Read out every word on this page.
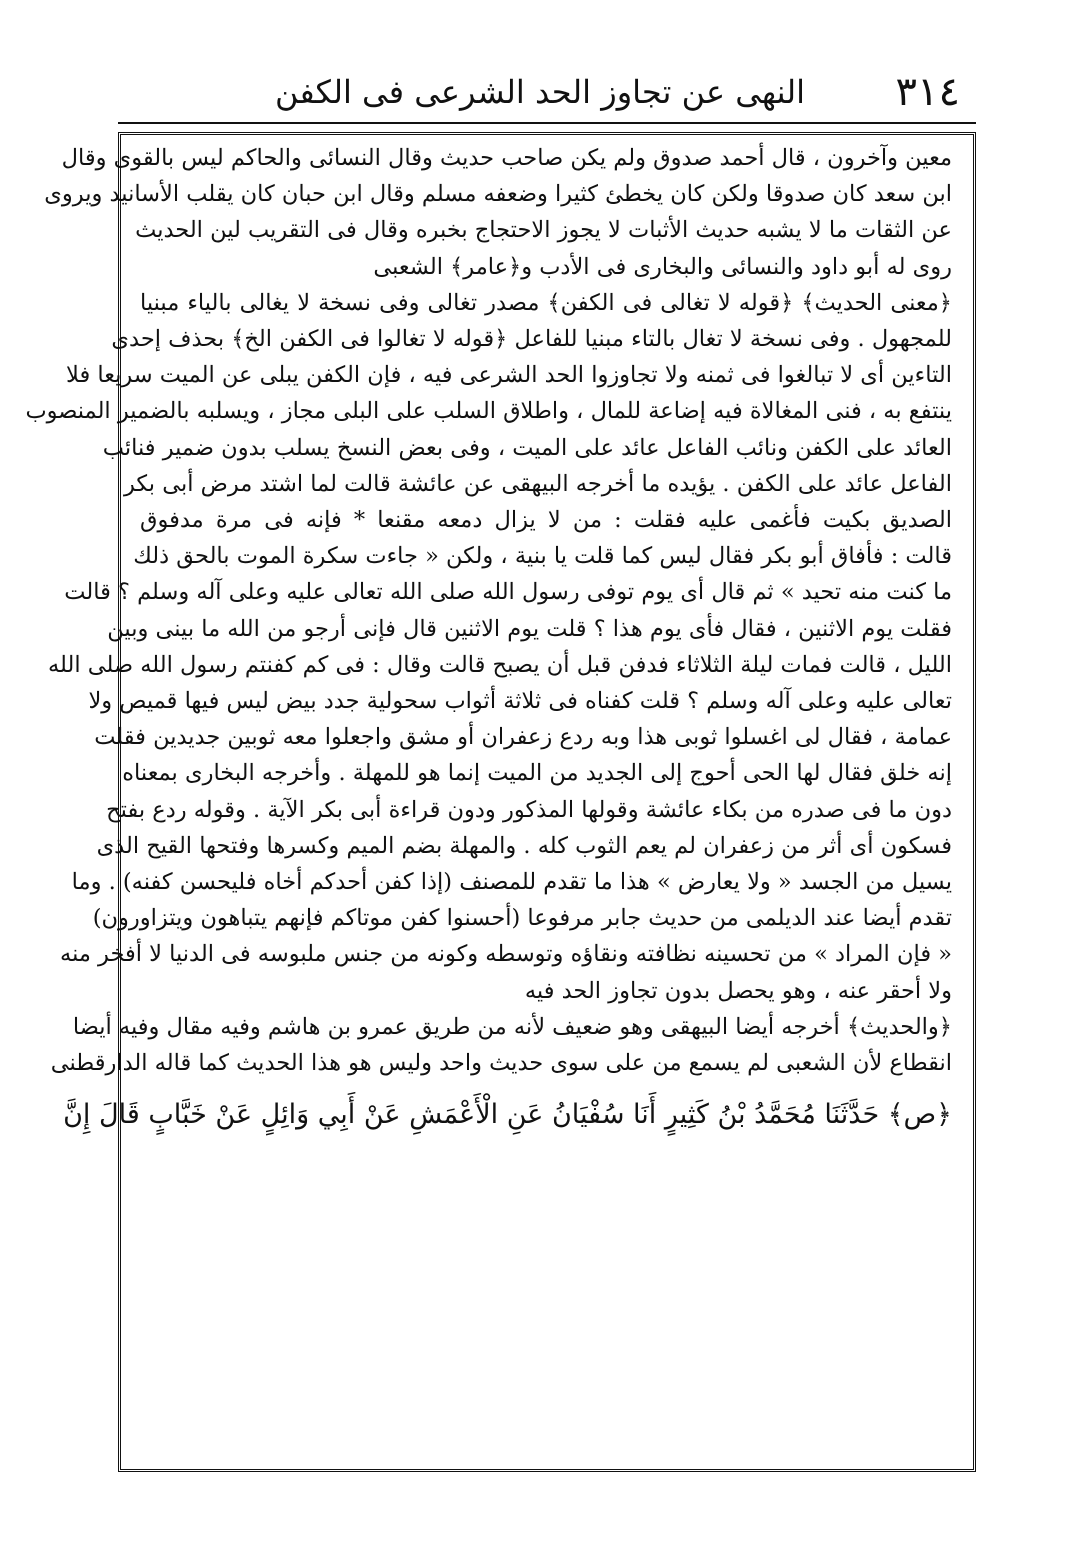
٣١٤
النهى عن تجاوز الحد الشرعى فى الكفن
معين وآخرون ، قال أحمد صدوق ولم يكن صاحب حديث وقال النسائى والحاكم ليس بالقوى وقال
ابن سعد كان صدوقا ولكن كان يخطئ كثيرا وضعفه مسلم وقال ابن حبان كان يقلب الأسانيد ويروى
عن الثقات ما لا يشبه حديث الأثبات لا يجوز الاحتجاج بخبره وقال فى التقريب لين الحديث
روى له أبو داود والنسائى والبخارى فى الأدب و﴿عامر﴾ الشعبى
﴿معنى الحديث﴾ ﴿قوله لا تغالى فى الكفن﴾ مصدر تغالى وفى نسخة لا يغالى بالياء مبنيا
للمجهول . وفى نسخة لا تغال بالتاء مبنيا للفاعل ﴿قوله لا تغالوا فى الكفن الخ﴾ بحذف إحدى
التاءين أى لا تبالغوا فى ثمنه ولا تجاوزوا الحد الشرعى فيه ، فإن الكفن يبلى عن الميت سريعا فلا
ينتفع به ، فنى المغالاة فيه إضاعة للمال ، واطلاق السلب على البلى مجاز ، ويسلبه بالضمير المنصوب
العائد على الكفن ونائب الفاعل عائد على الميت ، وفى بعض النسخ يسلب بدون ضمير فنائب
الفاعل عائد على الكفن . يؤيده ما أخرجه البيهقى عن عائشة قالت لما اشتد مرض أبى بكر
الصديق بكيت فأغمى عليه فقلت : من لا يزال دمعه مقنعا * فإنه فى مرة مدفوق
قالت : فأفاق أبو بكر فقال ليس كما قلت يا بنية ، ولكن « جاءت سكرة الموت بالحق ذلك
ما كنت منه تحيد » ثم قال أى يوم توفى رسول الله صلى الله تعالى عليه وعلى آله وسلم ؟ قالت
فقلت يوم الاثنين ، فقال فأى يوم هذا ؟ قلت يوم الاثنين قال فإنى أرجو من الله ما بينى وبين
الليل ، قالت فمات ليلة الثلاثاء فدفن قبل أن يصبح قالت وقال : فى كم كفنتم رسول الله صلى الله
تعالى عليه وعلى آله وسلم ؟ قلت كفناه فى ثلاثة أثواب سحولية جدد بيض ليس فيها قميص ولا
عمامة ، فقال لى اغسلوا ثوبى هذا وبه ردع زعفران أو مشق واجعلوا معه ثوبين جديدين فقلت
إنه خلق فقال لها الحى أحوج إلى الجديد من الميت إنما هو للمهلة . وأخرجه البخارى بمعناه
دون ما فى صدره من بكاء عائشة وقولها المذكور ودون قراءة أبى بكر الآية . وقوله ردع بفتح
فسكون أى أثر من زعفران لم يعم الثوب كله . والمهلة بضم الميم وكسرها وفتحها القيح الذى
يسيل من الجسد « ولا يعارض » هذا ما تقدم للمصنف (إذا كفن أحدكم أخاه فليحسن كفنه) . وما
تقدم أيضا عند الديلمى من حديث جابر مرفوعا (أحسنوا كفن موتاكم فإنهم يتباهون ويتزاورون)
« فإن المراد » من تحسينه نظافته ونقاؤه وتوسطه وكونه من جنس ملبوسه فى الدنيا لا أفخر منه
ولا أحقر عنه ، وهو يحصل بدون تجاوز الحد فيه
﴿والحديث﴾ أخرجه أيضا البيهقى وهو ضعيف لأنه من طريق عمرو بن هاشم وفيه مقال وفيه أيضا
انقطاع لأن الشعبى لم يسمع من على سوى حديث واحد وليس هو هذا الحديث كما قاله الدارقطنى
﴿ص﴾ حَدَّثَنَا مُحَمَّدُ بْنُ كَثِيرٍ أَنَا سُفْيَانُ عَنِ الْأَعْمَشِ عَنْ أَبِي وَائِلٍ عَنْ خَبَّابٍ قَالَ إِنَّ
